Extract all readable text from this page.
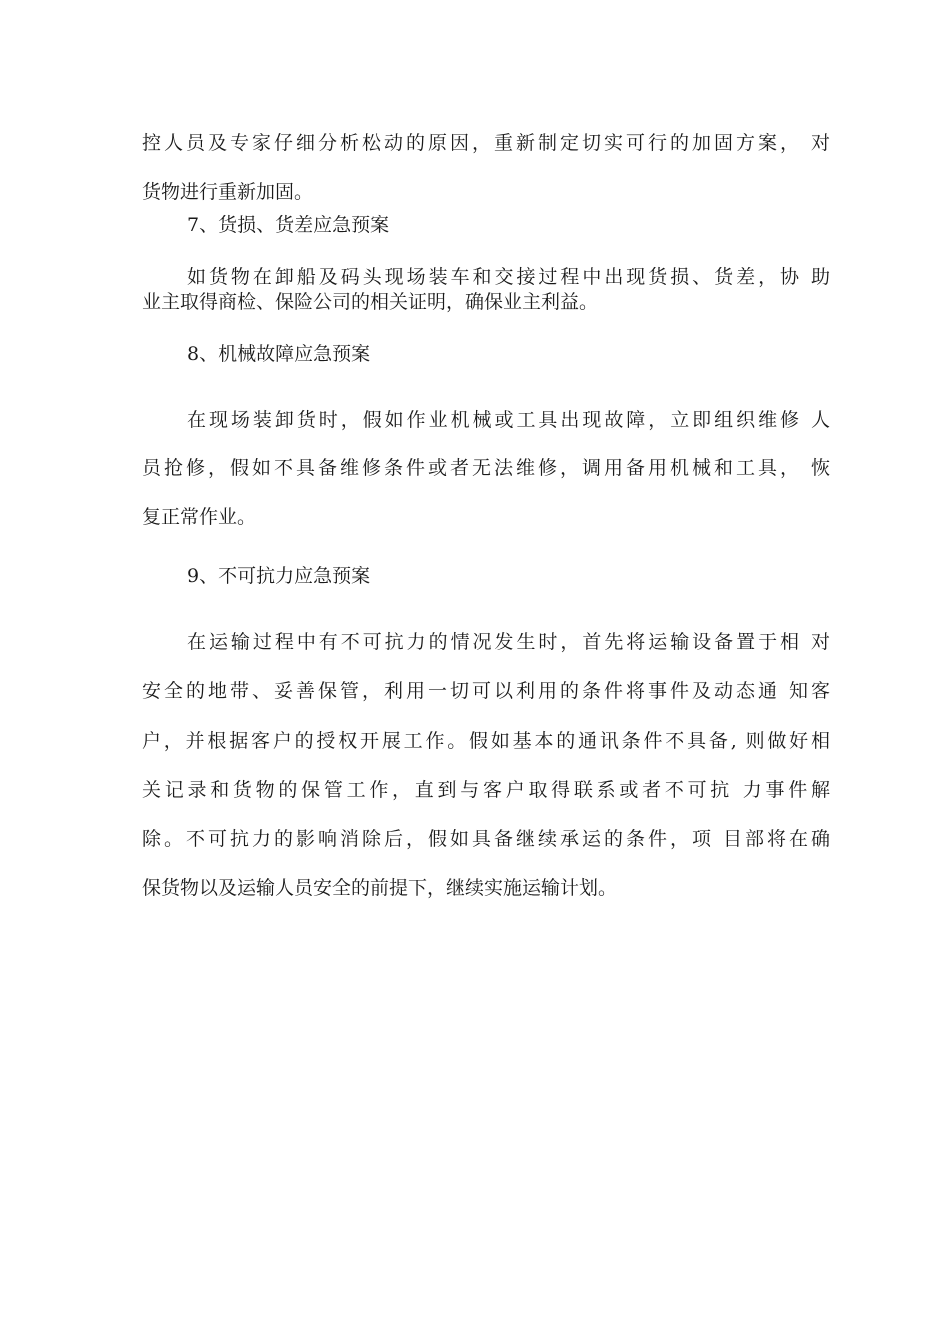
控人员及专家仔细分析松动的原因，重新制定切实可行的加固方案， 对
货物进行重新加固。
7、货损、货差应急预案
如货物在卸船及码头现场装车和交接过程中出现货损、货差，协 助
业主取得商检、保险公司的相关证明，确保业主利益。
8、机械故障应急预案
在现场装卸货时，假如作业机械或工具出现故障，立即组织维修 人
员抢修，假如不具备维修条件或者无法维修，调用备用机械和工具， 恢
复正常作业。
9、不可抗力应急预案
在运输过程中有不可抗力的情况发生时，首先将运输设备置于相 对
安全的地带、妥善保管，利用一切可以利用的条件将事件及动态通 知客
户，并根据客户的授权开展工作。假如基本的通讯条件不具备, 则做好相
关记录和货物的保管工作，直到与客户取得联系或者不可抗 力事件解
除。不可抗力的影响消除后，假如具备继续承运的条件，项 目部将在确
保货物以及运输人员安全的前提下，继续实施运输计划。
